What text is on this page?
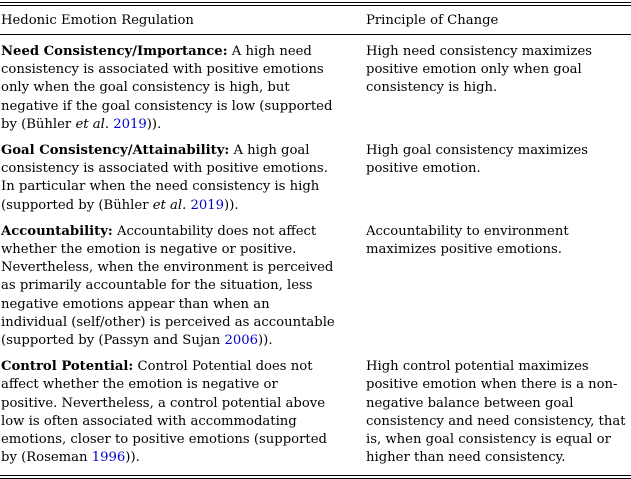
Hedonic Emotion Regulation	Principle of Change
Need Consistency/Importance: A high need consistency is associated with positive emotions only when the goal consistency is high, but negative if the goal consistency is low (supported by (Bühler et al. 2019)).
High need consistency maximizes positive emotion only when goal consistency is high.
Goal Consistency/Attainability: A high goal consistency is associated with positive emotions. In particular when the need consistency is high (supported by (Bühler et al. 2019)).
High goal consistency maximizes positive emotion.
Accountability: Accountability does not affect whether the emotion is negative or positive. Nevertheless, when the environment is perceived as primarily accountable for the situation, less negative emotions appear than when an individual (self/other) is perceived as accountable (supported by (Passyn and Sujan 2006)).
Accountability to environment maximizes positive emotions.
Control Potential: Control Potential does not affect whether the emotion is negative or positive. Nevertheless, a control potential above low is often associated with accommodating emotions, closer to positive emotions (supported by (Roseman 1996)).
High control potential maximizes positive emotion when there is a non-negative balance between goal consistency and need consistency, that is, when goal consistency is equal or higher than need consistency.
